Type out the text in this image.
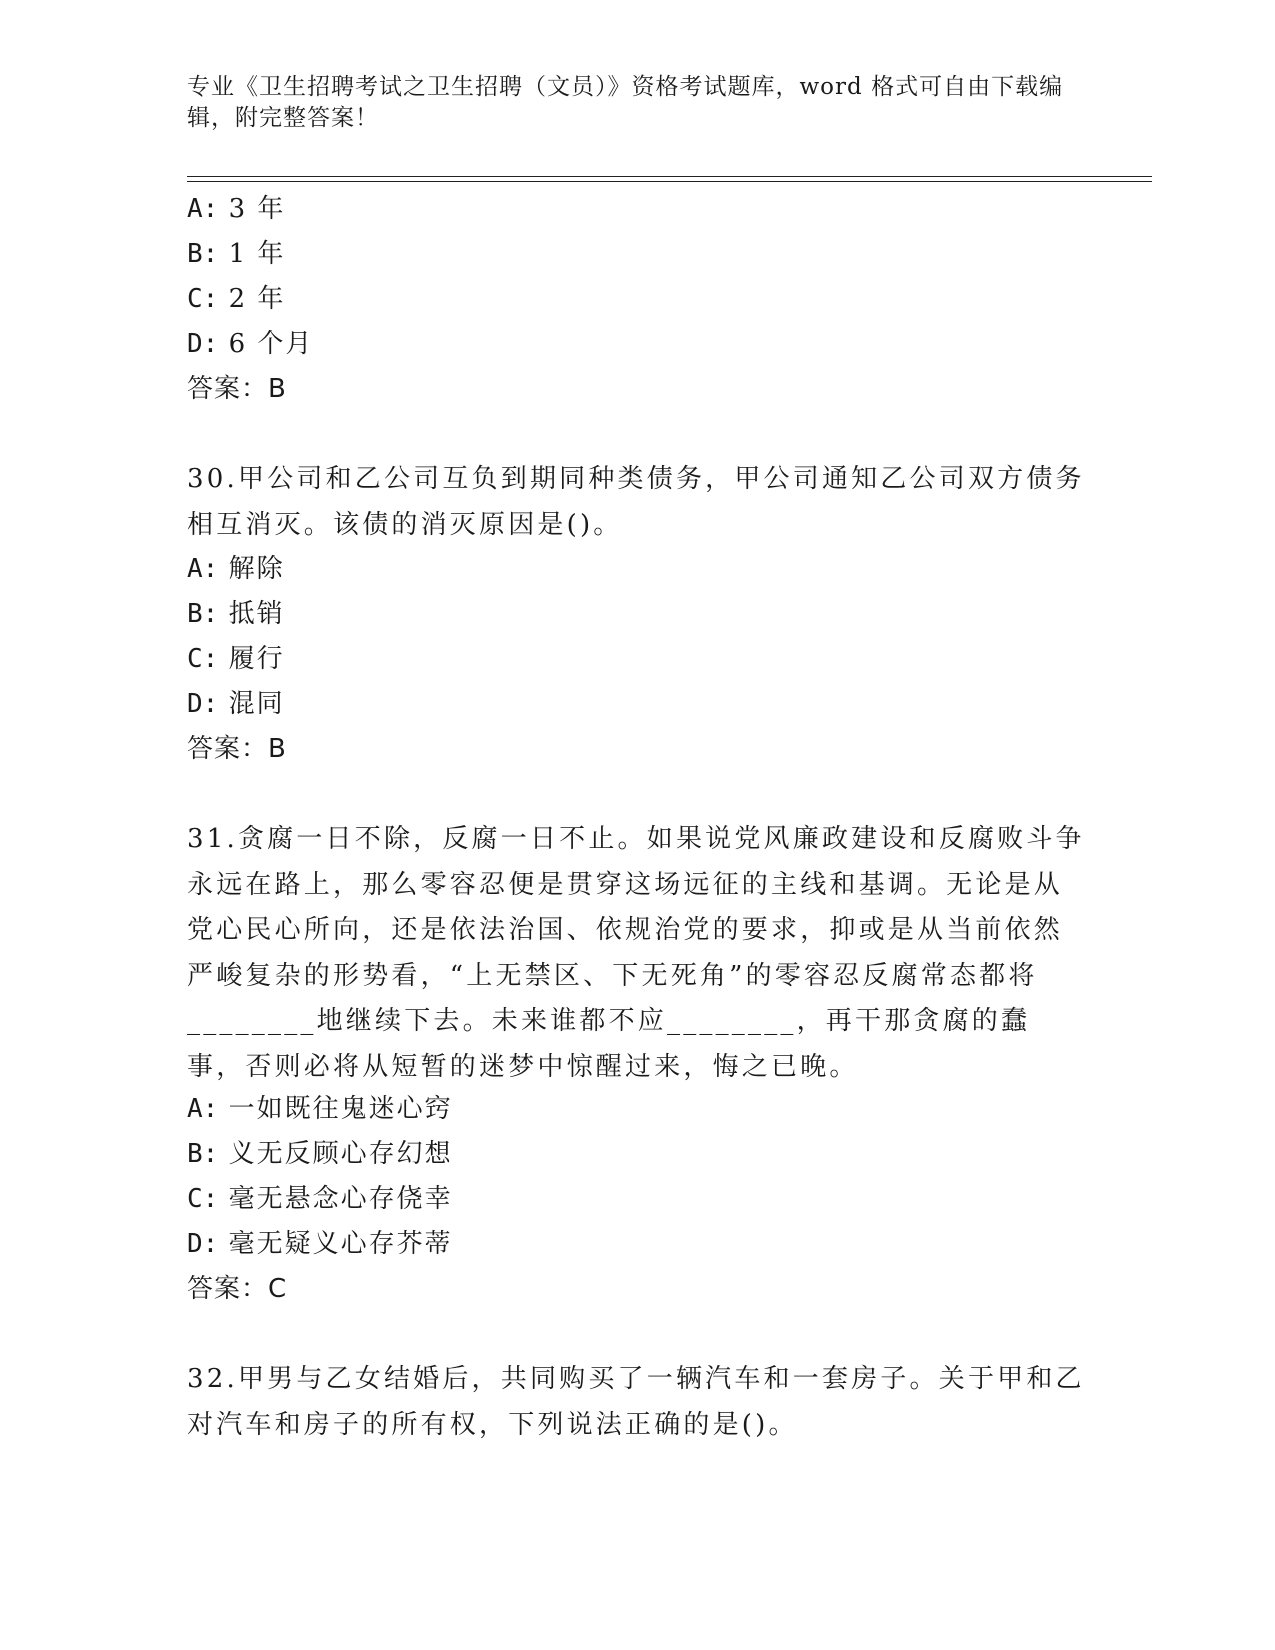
专业《卫生招聘考试之卫生招聘（文员）》资格考试题库，word 格式可自由下载编辑，附完整答案！
A: 3 年
B: 1 年
C: 2 年
D: 6 个月
答案：B
30.甲公司和乙公司互负到期同种类债务，甲公司通知乙公司双方债务相互消灭。该债的消灭原因是()。
A: 解除
B: 抵销
C: 履行
D: 混同
答案：B
31.贪腐一日不除，反腐一日不止。如果说党风廉政建设和反腐败斗争永远在路上，那么零容忍便是贯穿这场远征的主线和基调。无论是从党心民心所向，还是依法治国、依规治党的要求，抑或是从当前依然严峻复杂的形势看，“上无禁区、下无死角”的零容忍反腐常态都将________地继续下去。未来谁都不应________，再干那贪腐的蠢事，否则必将从短暂的迷梦中惊醒过来，悔之已晚。
A: 一如既往鬼迷心窍
B: 义无反顾心存幻想
C: 毫无悬念心存侥幸
D: 毫无疑义心存芥蒂
答案：C
32.甲男与乙女结婚后，共同购买了一辆汽车和一套房子。关于甲和乙对汽车和房子的所有权，下列说法正确的是()。
